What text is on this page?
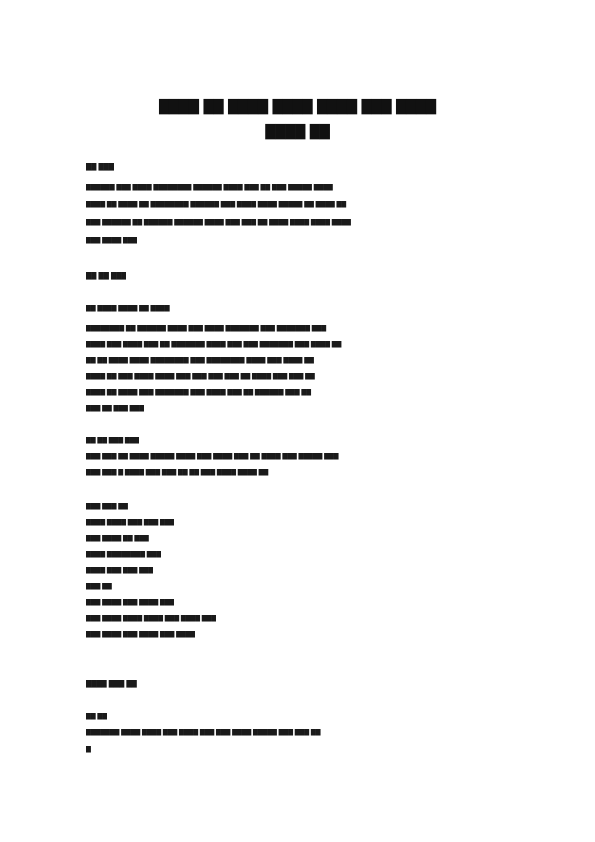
████ ██ ████ ████ ████ ███ ████
████ ██
██ ███
██████ ███ ████ ████████ ██████ ████ ███ ██ ███ █████ ████
████ ██ ████ ██ ████████ ██████ ███ ████ ████ █████ ██ ████ ██
███ ██████ ██ ██████ ██████ ████ ███ ███ ██ ████ ████ ████ ████
███ ████ ███
██ ██ ███
██ ████ ████ ██ ████
████████ ██ ██████ ████ ███ ████ ███████ ███ ███████ ███
████ ███ ████ ███ ██ ███████ ████ ███ ███ ███████ ███ ████ ██
██ ██ ████ ████ ████████ ███ ████████ ████ ███ ████ ██
████ ██ ███ ████ ████ ███ ███ ███ ███ ██ ████ ███ ███ ██
████ ██ ████ ███ ███████ ███ ████ ███ ██ ██████ ███ ██
███ ██ ███ ███
██ ██ ███ ███
███ ███ ██ ████ █████ ████ ███ ████ ███ ██ ████ ███ █████ ███
███ ███ █ ████ ███ ███ ██ ██ ███ ████ ████ ██
███ ███ ██
████ ████ ███ ███ ███
███ ████ ██ ███
████ ████████ ███
████ ███ ███ ███
███ ██
███ ████ ███ ████ ███
███ ████ ████ ████ ███ ████ ███
███ ████ ███ ████ ███ ████
████ ███ ██
██ ██
███████ ████ ████ ███ ████ ███ ███ ████ █████ ███ ███ ██
█
